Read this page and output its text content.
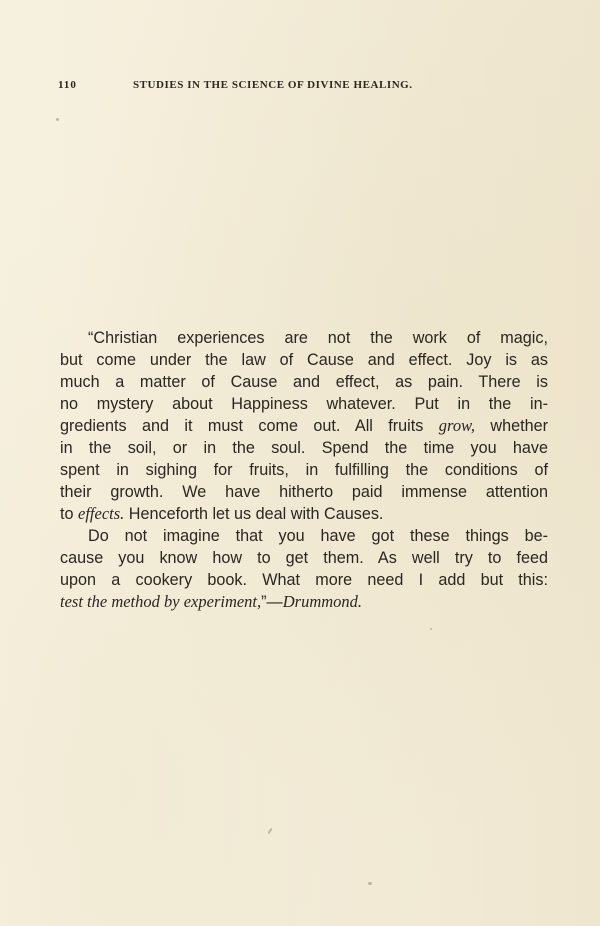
110	STUDIES IN THE SCIENCE OF DIVINE HEALING.
“Christian experiences are not the work of magic,
but come under the law of Cause and effect. Joy is as
much a matter of Cause and effect, as pain. There is
no mystery about Happiness whatever. Put in the in-
gredients and it must come out. All fruits grow, whether
in the soil, or in the soul. Spend the time you have
spent in sighing for fruits, in fulfilling the conditions of
their growth. We have hitherto paid immense attention
to effects. Henceforth let us deal with Causes.
Do not imagine that you have got these things be-
cause you know how to get them. As well try to feed
upon a cookery book. What more need I add but this:
test the method by experiment,”—Drummond.
